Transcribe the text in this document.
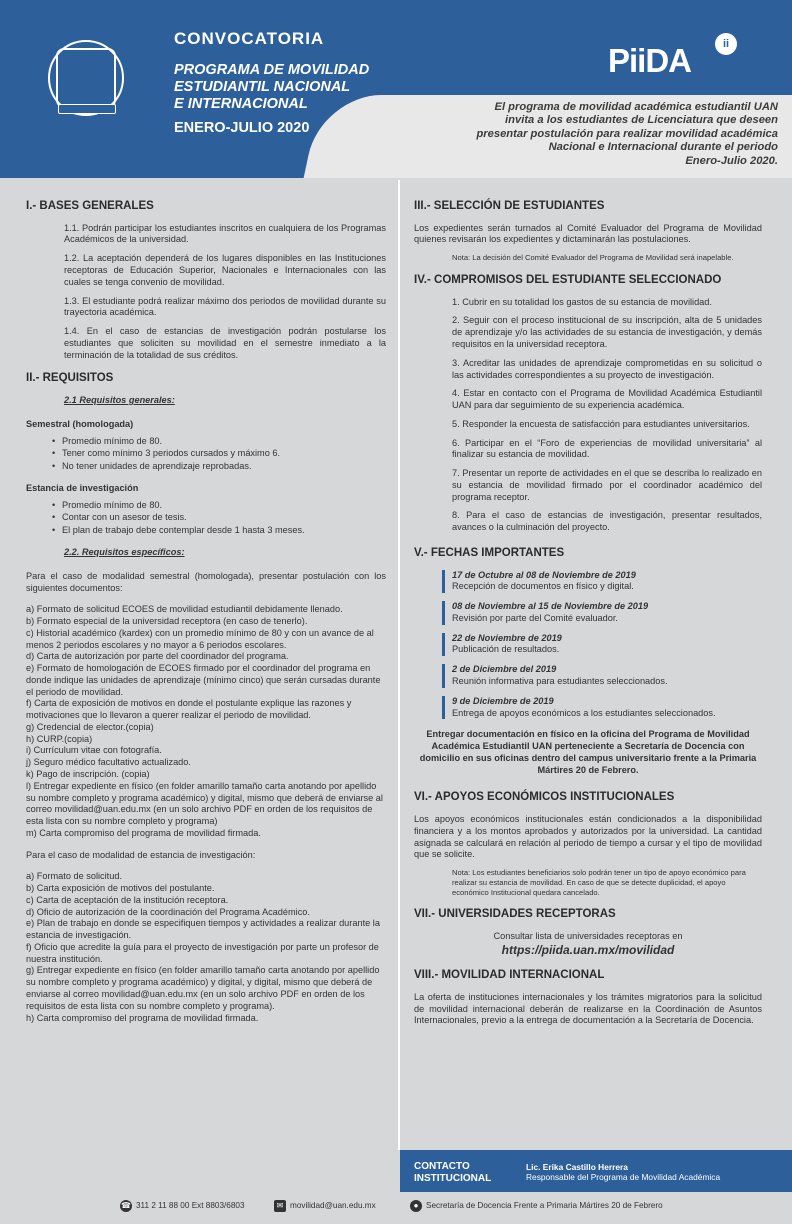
CONVOCATORIA
PROGRAMA DE MOVILIDAD
ESTUDIANTIL NACIONAL
E INTERNACIONAL
ENERO-JULIO 2020
PiiDA	ii
El programa de movilidad académica estudiantil UAN
invita a los estudiantes de Licenciatura que deseen
presentar postulación para realizar movilidad académica
Nacional e Internacional durante el periodo
Enero-Julio 2020.
I.- BASES GENERALES
1.1. Podrán participar los estudiantes inscritos en cualquiera de los Programas Académicos de la universidad.
1.2. La aceptación dependerá de los lugares disponibles en las Instituciones receptoras de Educación Superior, Nacionales e Internacionales con las cuales se tenga convenio de movilidad.
1.3. El estudiante podrá realizar máximo dos periodos de movilidad durante su trayectoria académica.
1.4. En el caso de estancias de investigación podrán postularse los estudiantes que soliciten su movilidad en el semestre inmediato a la terminación de la totalidad de sus créditos.
II.- REQUISITOS
2.1 Requisitos generales:
Semestral (homologada)
• Promedio mínimo de 80.
• Tener como mínimo 3 periodos cursados y máximo 6.
• No tener unidades de aprendizaje reprobadas.
Estancia de investigación
• Promedio mínimo de 80.
• Contar con un asesor de tesis.
• El plan de trabajo debe contemplar desde 1 hasta 3 meses.
2.2. Requisitos específicos:
Para el caso de modalidad semestral (homologada), presentar postulación con los siguientes documentos:
a) Formato de solicitud ECOES de movilidad estudiantil debidamente llenado.
b) Formato especial de la universidad receptora (en caso de tenerlo).
c) Historial académico (kardex) con un promedio mínimo de 80 y con un avance de al menos 2 periodos escolares y no mayor a 6 periodos escolares.
d) Carta de autorización por parte del coordinador del programa.
e) Formato de homologación de ECOES firmado por el coordinador del programa en donde indique las unidades de aprendizaje (mínimo cinco) que serán cursadas durante el periodo de movilidad.
f) Carta de exposición de motivos en donde el postulante explique las razones y motivaciones que lo llevaron a querer realizar el periodo de movilidad.
g) Credencial de elector.(copia)
h) CURP.(copia)
i) Currículum vitae con fotografía.
j) Seguro médico facultativo actualizado.
k) Pago de inscripción. (copia)
l) Entregar expediente en físico (en folder amarillo tamaño carta anotando por apellido su nombre completo y programa académico) y digital, mismo que deberá de enviarse al correo movilidad@uan.edu.mx (en un solo archivo PDF en orden de los requisitos de esta lista con su nombre completo y programa)
m) Carta compromiso del programa de movilidad firmada.
Para el caso de modalidad de estancia de investigación:
a) Formato de solicitud.
b) Carta exposición de motivos del postulante.
c) Carta de aceptación de la institución receptora.
d) Oficio de autorización de la coordinación del Programa Académico.
e) Plan de trabajo en donde se especifiquen tiempos y actividades a realizar durante la estancia de investigación.
f) Oficio que acredite la guía para el proyecto de investigación por parte un profesor de nuestra institución.
g) Entregar expediente en físico (en folder amarillo tamaño carta anotando por apellido su nombre completo y programa académico) y digital, y digital, mismo que deberá de enviarse al correo movilidad@uan.edu.mx (en un solo archivo PDF en orden de los requisitos de esta lista con su nombre completo y programa).
h) Carta compromiso del programa de movilidad firmada.
III.- SELECCIÓN DE ESTUDIANTES
Los expedientes serán turnados al Comité Evaluador del Programa de Movilidad quienes revisarán los expedientes y dictaminarán las postulaciones.
Nota: La decisión del Comité Evaluador del Programa de Movilidad será inapelable.
IV.- COMPROMISOS DEL ESTUDIANTE SELECCIONADO
1. Cubrir en su totalidad los gastos de su estancia de movilidad.
2. Seguir con el proceso institucional de su inscripción, alta de 5 unidades de aprendizaje y/o las actividades de su estancia de investigación, y demás requisitos en la universidad receptora.
3. Acreditar las unidades de aprendizaje comprometidas en su solicitud o las actividades correspondientes a su proyecto de investigación.
4. Estar en contacto con el Programa de Movilidad Académica Estudiantil UAN para dar seguimiento de su experiencia académica.
5. Responder la encuesta de satisfacción para estudiantes universitarios.
6. Participar en el “Foro de experiencias de movilidad universitaria” al finalizar su estancia de movilidad.
7. Presentar un reporte de actividades en el que se describa lo realizado en su estancia de movilidad firmado por el coordinador académico del programa receptor.
8. Para el caso de estancias de investigación, presentar resultados, avances o la culminación del proyecto.
V.- FECHAS IMPORTANTES
17 de Octubre al 08 de Noviembre de 2019
Recepción de documentos en físico y digital.
08 de Noviembre al 15 de Noviembre de 2019
Revisión por parte del Comité evaluador.
22 de Noviembre de 2019
Publicación de resultados.
2 de Diciembre del 2019
Reunión informativa para estudiantes seleccionados.
9 de Diciembre de 2019
Entrega de apoyos económicos a los estudiantes seleccionados.
Entregar documentación en físico en la oficina del Programa de Movilidad Académica Estudiantil UAN perteneciente a Secretaría de Docencia con domicilio en sus oficinas dentro del campus universitario frente a la Primaria Mártires 20 de Febrero.
VI.- APOYOS ECONÓMICOS INSTITUCIONALES
Los apoyos económicos institucionales están condicionados a la disponibilidad financiera y a los montos aprobados y autorizados por la universidad. La cantidad asignada se calculará en relación al periodo de tiempo a cursar y el tipo de movilidad que se solicite.
Nota: Los estudiantes beneficiarios solo podrán tener un tipo de apoyo económico para realizar su estancia de movilidad. En caso de que se detecte duplicidad, el apoyo económico Institucional quedara cancelado.
VII.- UNIVERSIDADES RECEPTORAS
Consultar lista de universidades receptoras en
https://piida.uan.mx/movilidad
VIII.- MOVILIDAD INTERNACIONAL
La oferta de instituciones internacionales y los trámites migratorios para la solicitud de movilidad internacional deberán de realizarse en la Coordinación de Asuntos Internacionales, previo a la entrega de documentación a la Secretaría de Docencia.
CONTACTO
INSTITUCIONAL
Lic. Erika Castillo Herrera
Responsable del Programa de Movilidad Académica
☎ 311 2 11 88 00 Ext 8803/6803	✉ movilidad@uan.edu.mx	● Secretaría de Docencia Frente a Primaria Mártires 20 de Febrero
